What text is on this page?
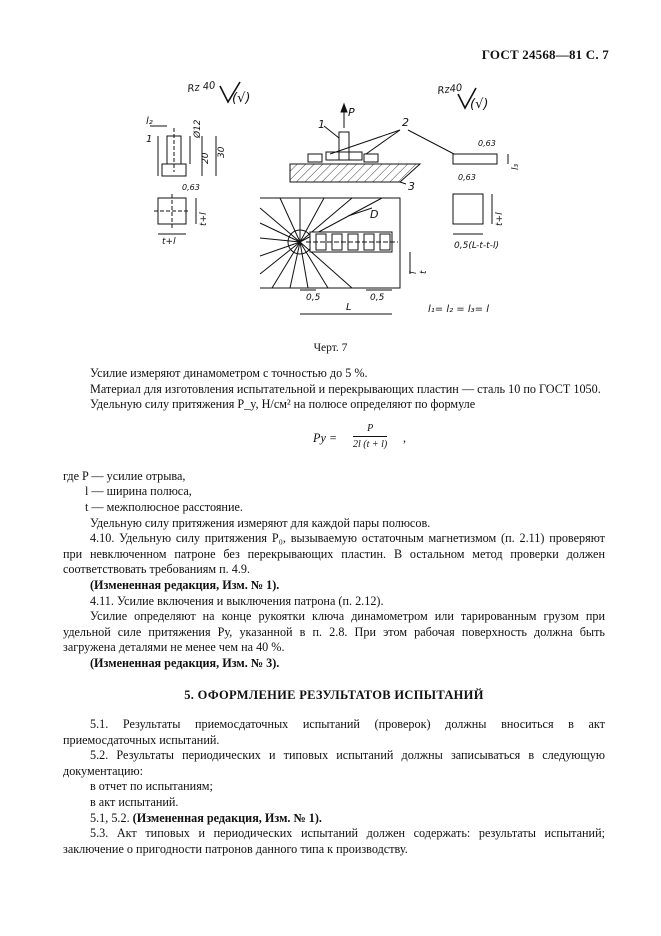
ГОСТ 24568—81 С. 7
Rz 40
(√)
l₂
1
Ø12
20
30
0,63
t+l
t+l
P
1	2
3
D
l t
0,5	0,5
L
Rz40
(√)
0,63
0,63
l₃
t+l
0,5(L-t-t-l)
l₁= l₂ = l₃= l
Черт. 7

Усилие измеряют динамометром с точностью до 5 %.

Материал для изготовления испытательной и перекрывающих пластин — сталь 10 по ГОСТ 1050.

Удельную силу притяжения P_y, Н/см² на полюсе определяют по формуле

Pу = $\frac{P}{2l (t + l)}$ ,

где P — усилие отрыва,

l — ширина полюса,

t — межполюсное расстояние.

Удельную силу притяжения измеряют для каждой пары полюсов.

4.10. Удельную силу притяжения P₀, вызываемую остаточным магнетизмом (п. 2.11) проверяют при невключенном патроне без перекрывающих пластин. В остальном метод проверки должен соответствовать требованиям п. 4.9.

(Измененная редакция, Изм. № 1).

4.11. Усилие включения и выключения патрона (п. 2.12).

Усилие определяют на конце рукоятки ключа динамометром или тарированным грузом при удельной силе притяжения Pу, указанной в п. 2.8. При этом рабочая поверхность должна быть загружена деталями не менее чем на 40 %.

(Измененная редакция, Изм. № 3).

5. ОФОРМЛЕНИЕ РЕЗУЛЬТАТОВ ИСПЫТАНИЙ

5.1. Результаты приемосдаточных испытаний (проверок) должны вноситься в акт приемосдаточных испытаний.

5.2. Результаты периодических и типовых испытаний должны записываться в следующую документацию:

в отчет по испытаниям;

в акт испытаний.

5.1, 5.2. (Измененная редакция, Изм. № 1).

5.3. Акт типовых и периодических испытаний должен содержать: результаты испытаний; заключение о пригодности патронов данного типа к производству.
